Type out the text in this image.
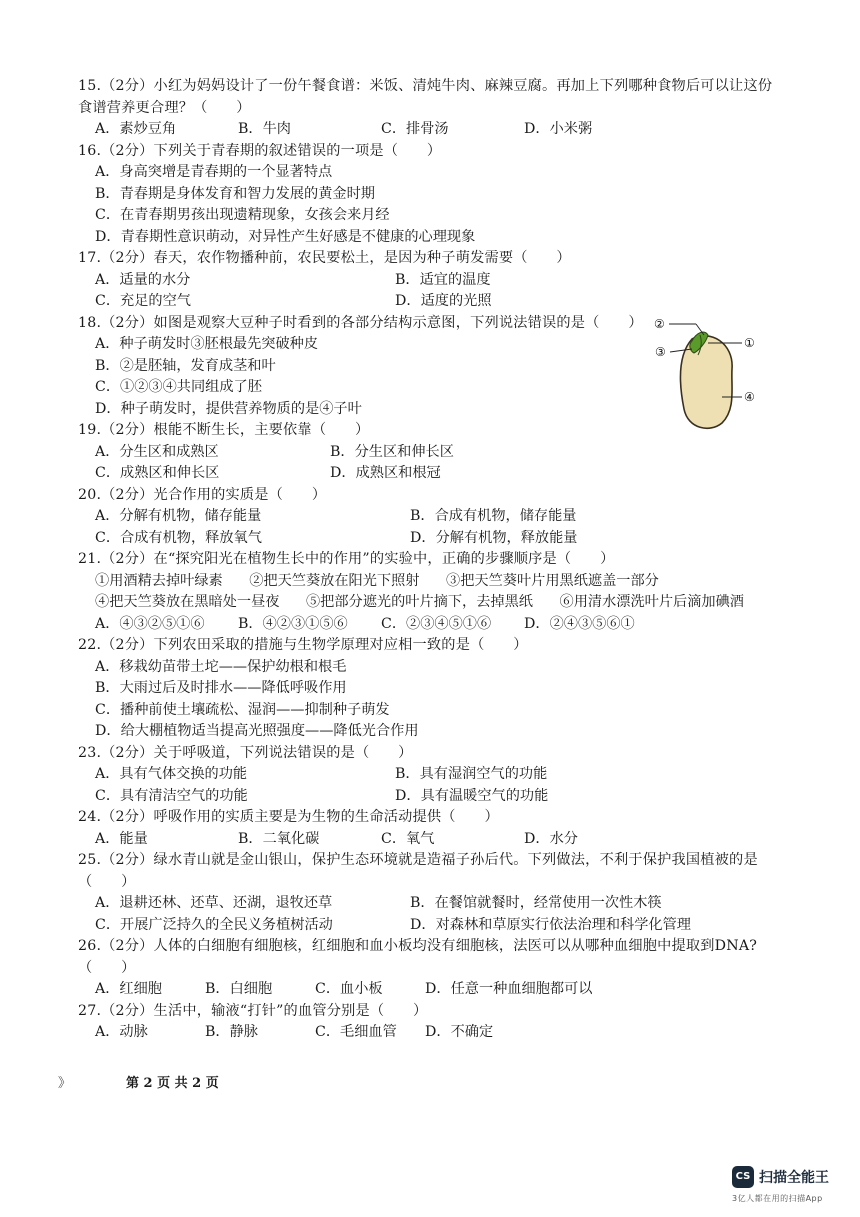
15.（2分）小红为妈妈设计了一份午餐食谱：米饭、清炖牛肉、麻辣豆腐。再加上下列哪种食物后可以让这份食谱营养更合理？（　　）

A．素炒豆角	B．牛肉	C．排骨汤	D．小米粥

16.（2分）下列关于青春期的叙述错误的一项是（　　）

A．身高突增是青春期的一个显著特点
B．青春期是身体发育和智力发展的黄金时期
C．在青春期男孩出现遗精现象，女孩会来月经
D．青春期性意识萌动，对异性产生好感是不健康的心理现象

17.（2分）春天，农作物播种前，农民要松土，是因为种子萌发需要（　　）

A．适量的水分	B．适宜的温度
C．充足的空气	D．适度的光照

18.（2分）如图是观察大豆种子时看到的各部分结构示意图，下列说法错误的是（　　）

A．种子萌发时③胚根最先突破种皮
B．②是胚轴，发育成茎和叶
C．①②③④共同组成了胚
D．种子萌发时，提供营养物质的是④子叶

19.（2分）根能不断生长，主要依靠（　　）

A．分生区和成熟区	B．分生区和伸长区
C．成熟区和伸长区	D．成熟区和根冠

20.（2分）光合作用的实质是（　　）

A．分解有机物，储存能量	B．合成有机物，储存能量
C．合成有机物，释放氧气	D．分解有机物，释放能量

21.（2分）在“探究阳光在植物生长中的作用”的实验中，正确的步骤顺序是（　　）

①用酒精去掉叶绿素 ②把天竺葵放在阳光下照射 ③把天竺葵叶片用黑纸遮盖一部分
④把天竺葵放在黑暗处一昼夜 ⑤把部分遮光的叶片摘下，去掉黑纸 ⑥用清水漂洗叶片后滴加碘酒
A．④③②⑤①⑥	B．④②③①⑤⑥	C．②③④⑤①⑥	D．②④③⑤⑥①

22.（2分）下列农田采取的措施与生物学原理对应相一致的是（　　）

A．移栽幼苗带土坨——保护幼根和根毛
B．大雨过后及时排水——降低呼吸作用
C．播种前使土壤疏松、湿润——抑制种子萌发
D．给大棚植物适当提高光照强度——降低光合作用

23.（2分）关于呼吸道，下列说法错误的是（　　）

A．具有气体交换的功能	B．具有湿润空气的功能
C．具有清洁空气的功能	D．具有温暖空气的功能

24.（2分）呼吸作用的实质主要是为生物的生命活动提供（　　）

A．能量	B．二氧化碳	C．氧气	D．水分

25.（2分）绿水青山就是金山银山，保护生态环境就是造福子孙后代。下列做法，不利于保护我国植被的是（　　）

A．退耕还林、还草、还湖，退牧还草	B．在餐馆就餐时，经常使用一次性木筷
C．开展广泛持久的全民义务植树活动	D．对森林和草原实行依法治理和科学化管理

26.（2分）人体的白细胞有细胞核，红细胞和血小板均没有细胞核，法医可以从哪种血细胞中提取到DNA?（　　）

A．红细胞	B．白细胞	C．血小板	D．任意一种血细胞都可以

27.（2分）生活中，输液“打针”的血管分别是（　　）

A．动脉	B．静脉	C．毛细血管	D．不确定
②
①
③
④
》	第 2 页 共 2 页
CS 扫描全能王
3亿人都在用的扫描App
